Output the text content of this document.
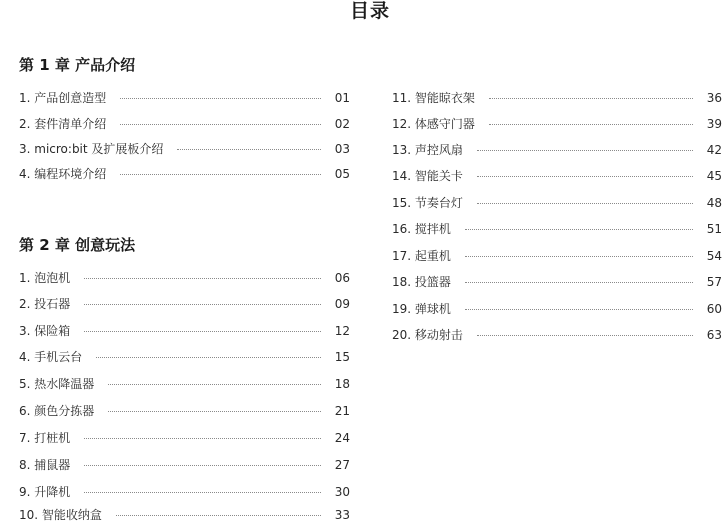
目录
第 1 章 产品介绍
1. 产品创意造型	01
2. 套件清单介绍	02
3. micro:bit 及扩展板介绍	03
4. 编程环境介绍	05
第 2 章 创意玩法
1. 泡泡机	06
2. 投石器	09
3. 保险箱	12
4. 手机云台	15
5. 热水降温器	18
6. 颜色分拣器	21
7. 打桩机	24
8. 捕鼠器	27
9. 升降机	30
10. 智能收纳盒	33
11. 智能晾衣架	36
12. 体感守门器	39
13. 声控风扇	42
14. 智能关卡	45
15. 节奏台灯	48
16. 搅拌机	51
17. 起重机	54
18. 投篮器	57
19. 弹球机	60
20. 移动射击	63
